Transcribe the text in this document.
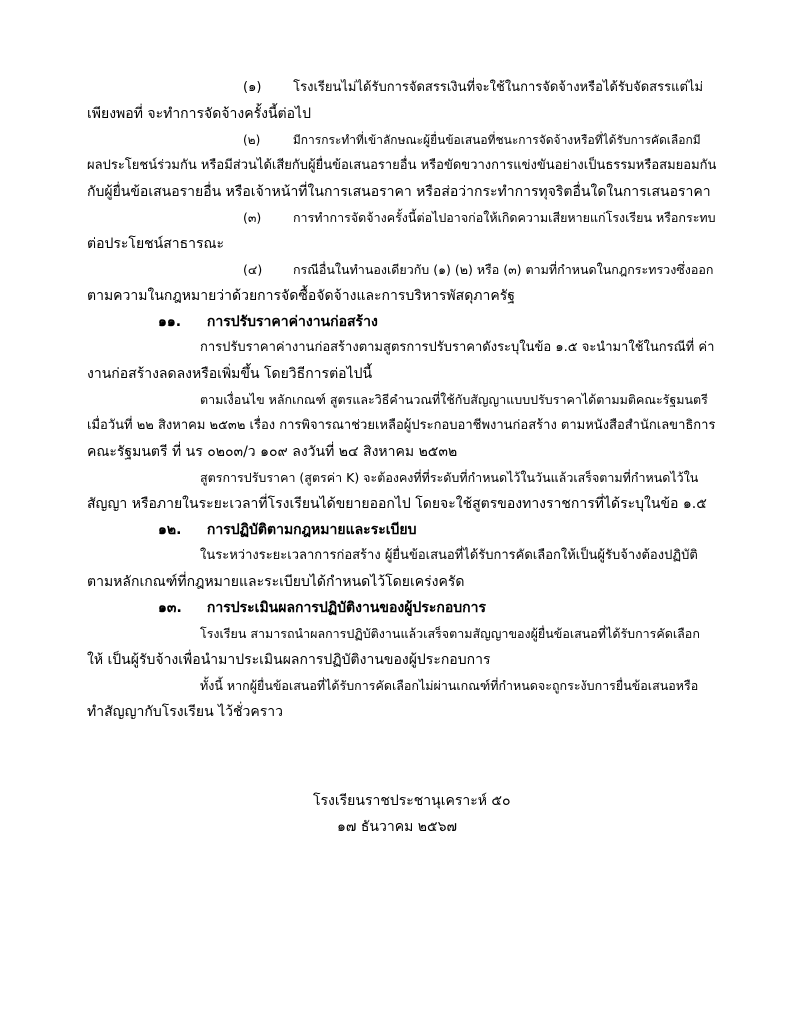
(๑) โรงเรียนไม่ได้รับการจัดสรรเงินที่จะใช้ในการจัดจ้างหรือได้รับจัดสรรแต่ไม่
เพียงพอที่ จะทำการจัดจ้างครั้งนี้ต่อไป
(๒)	มีการกระทำที่เข้าลักษณะผู้ยื่นข้อเสนอที่ชนะการจัดจ้างหรือที่ได้รับการคัดเลือกมี
ผลประโยชน์ร่วมกัน หรือมีส่วนได้เสียกับผู้ยื่นข้อเสนอรายอื่น หรือขัดขวางการแข่งขันอย่างเป็นธรรมหรือสมยอมกัน
กับผู้ยื่นข้อเสนอรายอื่น หรือเจ้าหน้าที่ในการเสนอราคา หรือส่อว่ากระทำการทุจริตอื่นใดในการเสนอราคา
(๓)	การทำการจัดจ้างครั้งนี้ต่อไปอาจก่อให้เกิดความเสียหายแก่โรงเรียน หรือกระทบ
ต่อประโยชน์สาธารณะ
(๔) กรณีอื่นในทำนองเดียวกับ (๑) (๒) หรือ (๓) ตามที่กำหนดในกฎกระทรวงซึ่งออก
ตามความในกฎหมายว่าด้วยการจัดซื้อจัดจ้างและการบริหารพัสดุภาครัฐ
๑๑. การปรับราคาค่างานก่อสร้าง
การปรับราคาค่างานก่อสร้างตามสูตรการปรับราคาดังระบุในข้อ ๑.๕ จะนำมาใช้ในกรณีที่ ค่า
งานก่อสร้างลดลงหรือเพิ่มขึ้น โดยวิธีการต่อไปนี้
ตามเงื่อนไข หลักเกณฑ์ สูตรและวิธีคำนวณที่ใช้กับสัญญาแบบปรับราคาได้ตามมติคณะรัฐมนตรี
เมื่อวันที่ ๒๒ สิงหาคม ๒๕๓๒ เรื่อง การพิจารณาช่วยเหลือผู้ประกอบอาชีพงานก่อสร้าง ตามหนังสือสำนักเลขาธิการ
คณะรัฐมนตรี ที่ นร ๐๒๐๓/ว ๑๐๙ ลงวันที่ ๒๔ สิงหาคม ๒๕๓๒
สูตรการปรับราคา (สูตรค่า K) จะต้องคงที่ที่ระดับที่กำหนดไว้ในวันแล้วเสร็จตามที่กำหนดไว้ใน
สัญญา หรือภายในระยะเวลาที่โรงเรียนได้ขยายออกไป โดยจะใช้สูตรของทางราชการที่ได้ระบุในข้อ ๑.๕
๑๒. การปฏิบัติตามกฎหมายและระเบียบ
ในระหว่างระยะเวลาการก่อสร้าง ผู้ยื่นข้อเสนอที่ได้รับการคัดเลือกให้เป็นผู้รับจ้างต้องปฏิบัติ
ตามหลักเกณฑ์ที่กฎหมายและระเบียบได้กำหนดไว้โดยเคร่งครัด
๑๓. การประเมินผลการปฏิบัติงานของผู้ประกอบการ
โรงเรียน สามารถนำผลการปฏิบัติงานแล้วเสร็จตามสัญญาของผู้ยื่นข้อเสนอที่ได้รับการคัดเลือก
ให้ เป็นผู้รับจ้างเพื่อนำมาประเมินผลการปฏิบัติงานของผู้ประกอบการ
ทั้งนี้ หากผู้ยื่นข้อเสนอที่ได้รับการคัดเลือกไม่ผ่านเกณฑ์ที่กำหนดจะถูกระงับการยื่นข้อเสนอหรือ
ทำสัญญากับโรงเรียน ไว้ชั่วคราว
โรงเรียนราชประชานุเคราะห์ ๕๐
๑๗ ธันวาคม ๒๕๖๗
